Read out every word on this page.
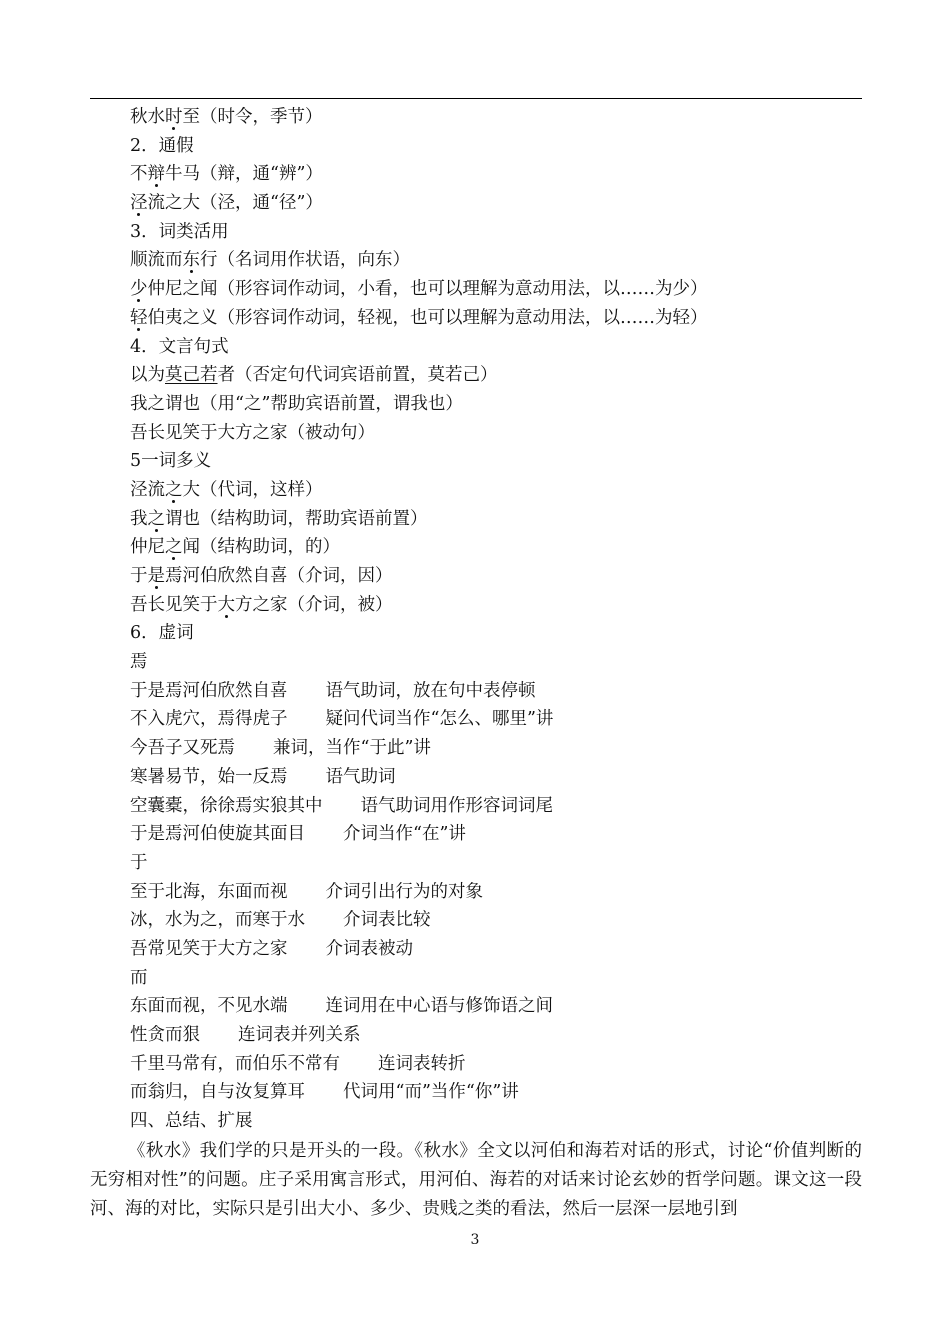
秋水时至（时令，季节）
2．通假
不辩牛马（辩，通“辨”）
泾流之大（泾，通“径”）
3．词类活用
顺流而东行（名词用作状语，向东）
少仲尼之闻（形容词作动词，小看，也可以理解为意动用法，以……为少）
轻伯夷之义（形容词作动词，轻视，也可以理解为意动用法，以……为轻）
4．文言句式
以为莫己若者（否定句代词宾语前置，莫若己）
我之谓也（用“之”帮助宾语前置，谓我也）
吾长见笑于大方之家（被动句）
5一词多义
泾流之大（代词，这样）
我之谓也（结构助词，帮助宾语前置）
仲尼之闻（结构助词，的）
于是焉河伯欣然自喜（介词，因）
吾长见笑于大方之家（介词，被）
6．虚词
焉
于是焉河伯欣然自喜 语气助词，放在句中表停顿
不入虎穴，焉得虎子 疑问代词当作“怎么、哪里”讲
今吾子又死焉 兼词，当作“于此”讲
寒暑易节，始一反焉 语气助词
空囊橐，徐徐焉实狼其中 语气助词用作形容词词尾
于是焉河伯使旋其面目 介词当作“在”讲
于
至于北海，东面而视 介词引出行为的对象
冰，水为之，而寒于水 介词表比较
吾常见笑于大方之家 介词表被动
而
东面而视，不见水端 连词用在中心语与修饰语之间
性贪而狠 连词表并列关系
千里马常有，而伯乐不常有 连词表转折
而翁归，自与汝复算耳 代词用“而”当作“你”讲
四、总结、扩展

《秋水》我们学的只是开头的一段。《秋水》全文以河伯和海若对话的形式，讨论“价值判断的无穷相对性”的问题。庄子采用寓言形式，用河伯、海若的对话来讨论玄妙的哲学问题。课文这一段河、海的对比，实际只是引出大小、多少、贵贱之类的看法，然后一层深一层地引到

3
